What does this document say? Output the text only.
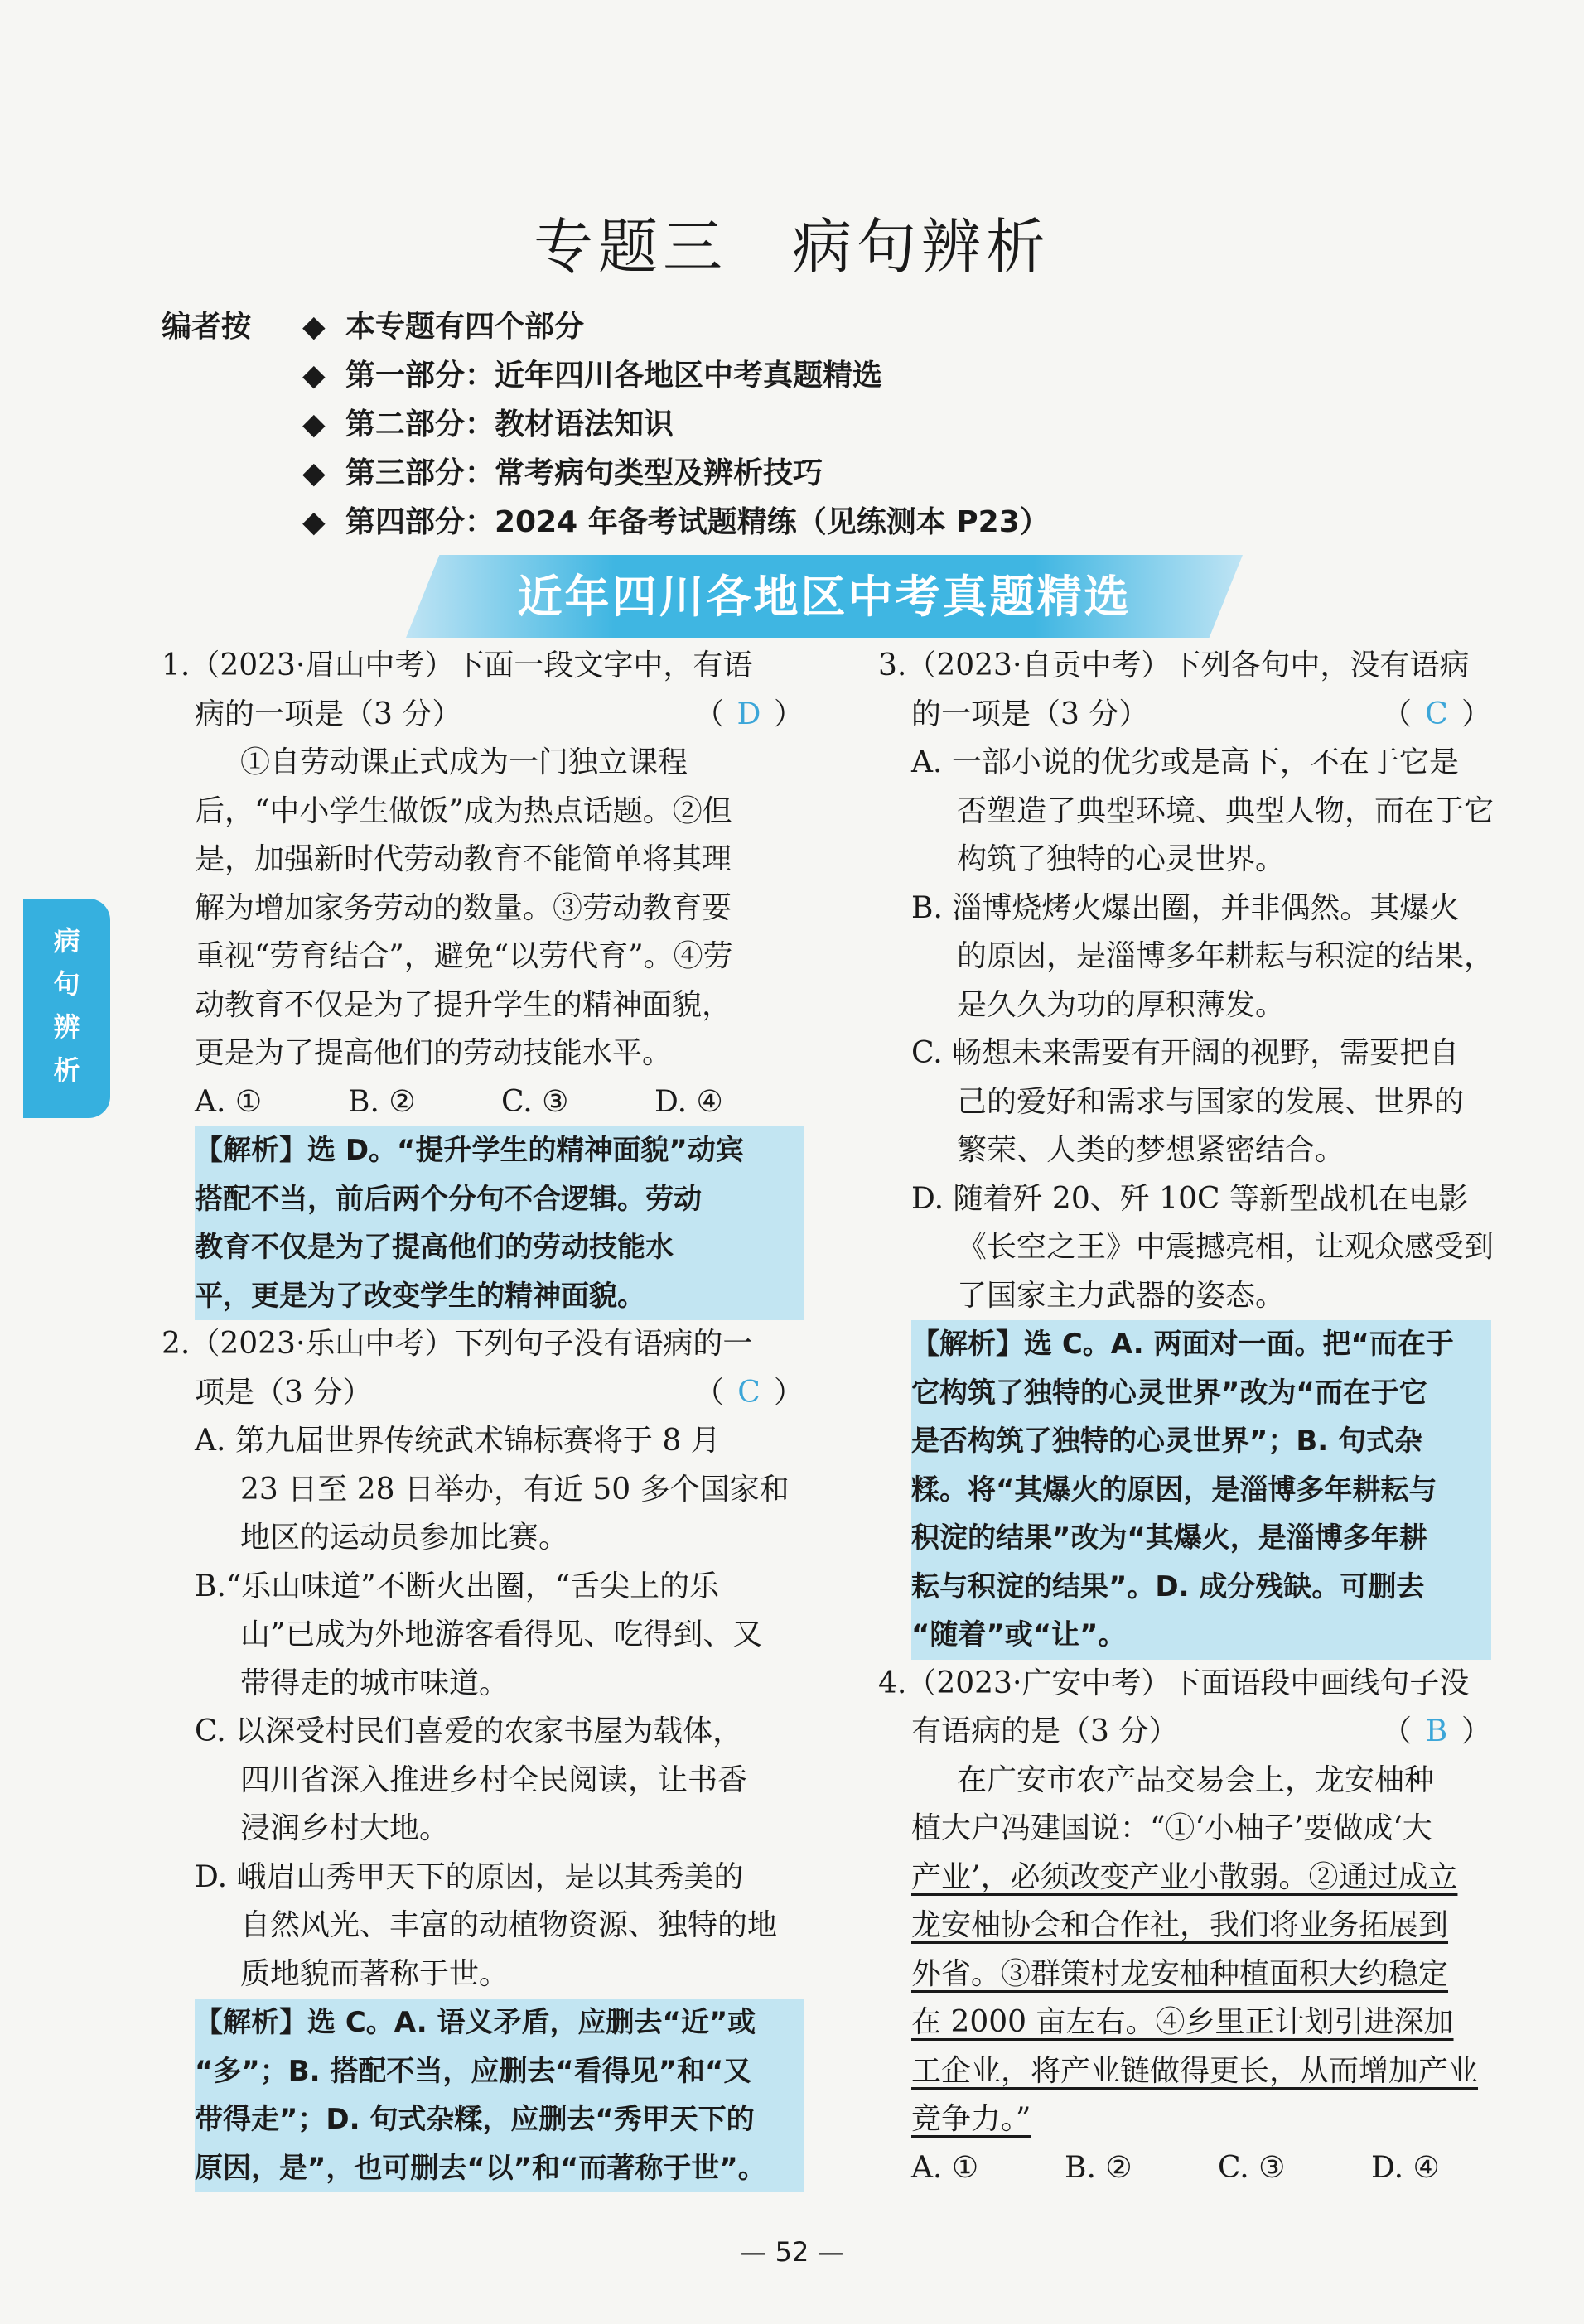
专题三　病句辨析
编者按 ◆ 本专题有四个部分
◆ 第一部分：近年四川各地区中考真题精选
◆ 第二部分：教材语法知识
◆ 第三部分：常考病句类型及辨析技巧
◆ 第四部分：2024 年备考试题精练（见练测本 P23）
近年四川各地区中考真题精选
病
句
辨
析
1.（2023·眉山中考）下面一段文字中，有语
病的一项是（3 分）	（ D ）
①自劳动课正式成为一门独立课程
后，“中小学生做饭”成为热点话题。②但
是，加强新时代劳动教育不能简单将其理
解为增加家务劳动的数量。③劳动教育要
重视“劳育结合”，避免“以劳代育”。④劳
动教育不仅是为了提升学生的精神面貌，
更是为了提高他们的劳动技能水平。
A. ①	B. ②	C. ③	D. ④
【解析】选 D。“提升学生的精神面貌”动宾
搭配不当，前后两个分句不合逻辑。劳动
教育不仅是为了提高他们的劳动技能水
平，更是为了改变学生的精神面貌。
2.（2023·乐山中考）下列句子没有语病的一
项是（3 分）	（ C ）
A. 第九届世界传统武术锦标赛将于 8 月
23 日至 28 日举办，有近 50 多个国家和
地区的运动员参加比赛。
B.“乐山味道”不断火出圈，“舌尖上的乐
山”已成为外地游客看得见、吃得到、又
带得走的城市味道。
C. 以深受村民们喜爱的农家书屋为载体，
四川省深入推进乡村全民阅读，让书香
浸润乡村大地。
D. 峨眉山秀甲天下的原因，是以其秀美的
自然风光、丰富的动植物资源、独特的地
质地貌而著称于世。
【解析】选 C。A. 语义矛盾，应删去“近”或
“多”；B. 搭配不当，应删去“看得见”和“又
带得走”；D. 句式杂糅，应删去“秀甲天下的
原因，是”，也可删去“以”和“而著称于世”。
3.（2023·自贡中考）下列各句中，没有语病
的一项是（3 分）	（ C ）
A. 一部小说的优劣或是高下，不在于它是
否塑造了典型环境、典型人物，而在于它
构筑了独特的心灵世界。
B. 淄博烧烤火爆出圈，并非偶然。其爆火
的原因，是淄博多年耕耘与积淀的结果，
是久久为功的厚积薄发。
C. 畅想未来需要有开阔的视野，需要把自
己的爱好和需求与国家的发展、世界的
繁荣、人类的梦想紧密结合。
D. 随着歼 20、歼 10C 等新型战机在电影
《长空之王》中震撼亮相，让观众感受到
了国家主力武器的姿态。
【解析】选 C。A. 两面对一面。把“而在于
它构筑了独特的心灵世界”改为“而在于它
是否构筑了独特的心灵世界”；B. 句式杂
糅。将“其爆火的原因，是淄博多年耕耘与
积淀的结果”改为“其爆火，是淄博多年耕
耘与积淀的结果”。D. 成分残缺。可删去
“随着”或“让”。
4.（2023·广安中考）下面语段中画线句子没
有语病的是（3 分）	（ B ）
在广安市农产品交易会上，龙安柚种
植大户冯建国说：“①‘小柚子’要做成‘大
产业’，必须改变产业小散弱。②通过成立
龙安柚协会和合作社，我们将业务拓展到
外省。③群策村龙安柚种植面积大约稳定
在 2000 亩左右。④乡里正计划引进深加
工企业，将产业链做得更长，从而增加产业
竞争力。”
A. ①	B. ②	C. ③	D. ④
— 52 —
